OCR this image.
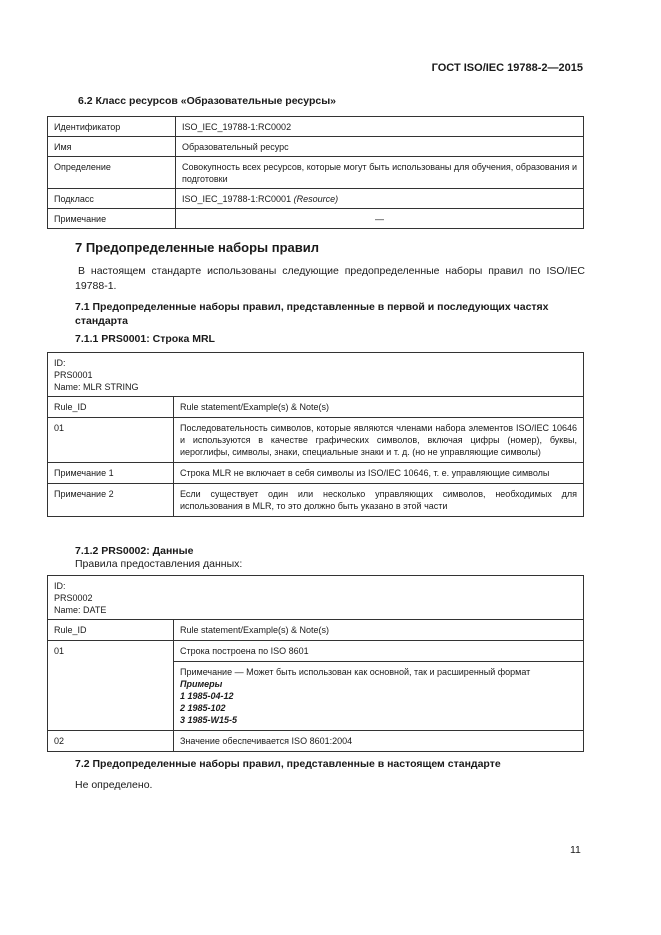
ГОСТ ISO/IEC 19788-2—2015
6.2 Класс ресурсов «Образовательные ресурсы»
Идентификатор	ISO_IEC_19788-1:RC0002
Имя	Образовательный ресурс
Определение	Совокупность всех ресурсов, которые могут быть использованы для обучения, образования и подготовки
Подкласс	ISO_IEC_19788-1:RC0001 (Resource)
Примечание	—
7 Предопределенные наборы правил
В настоящем стандарте использованы следующие предопределенные наборы правил по ISO/IEC 19788-1.
7.1 Предопределенные наборы правил, представленные в первой и последующих частях стандарта
7.1.1 PRS0001: Строка MRL
ID:
PRS0001
Name: MLR STRING	

Rule_ID	Rule statement/Example(s) & Note(s)
01	Последовательность символов, которые являются членами набора элементов ISO/IEC 10646 и используются в качестве графических символов, включая цифры (номер), буквы, иероглифы, символы, знаки, специальные знаки и т. д. (но не управляющие символы)
Примечание 1	Строка MLR не включает в себя символы из ISO/IEC 10646, т. е. управляющие символы
Примечание 2	Если существует один или несколько управляющих символов, необходимых для использования в MLR, то это должно быть указано в этой части
7.1.2 PRS0002: Данные
Правила предоставления данных:
ID:
PRS0002
Name: DATE	

Rule_ID	Rule statement/Example(s) & Note(s)
01	Строка построена по ISO 8601

	Примечание — Может быть использован как основной, так и расширенный формат
Примеры
1 1985-04-12
2 1985-102
3 1985-W15-5

02	Значение обеспечивается ISO 8601:2004
7.2 Предопределенные наборы правил, представленные в настоящем стандарте
Не определено.
11
